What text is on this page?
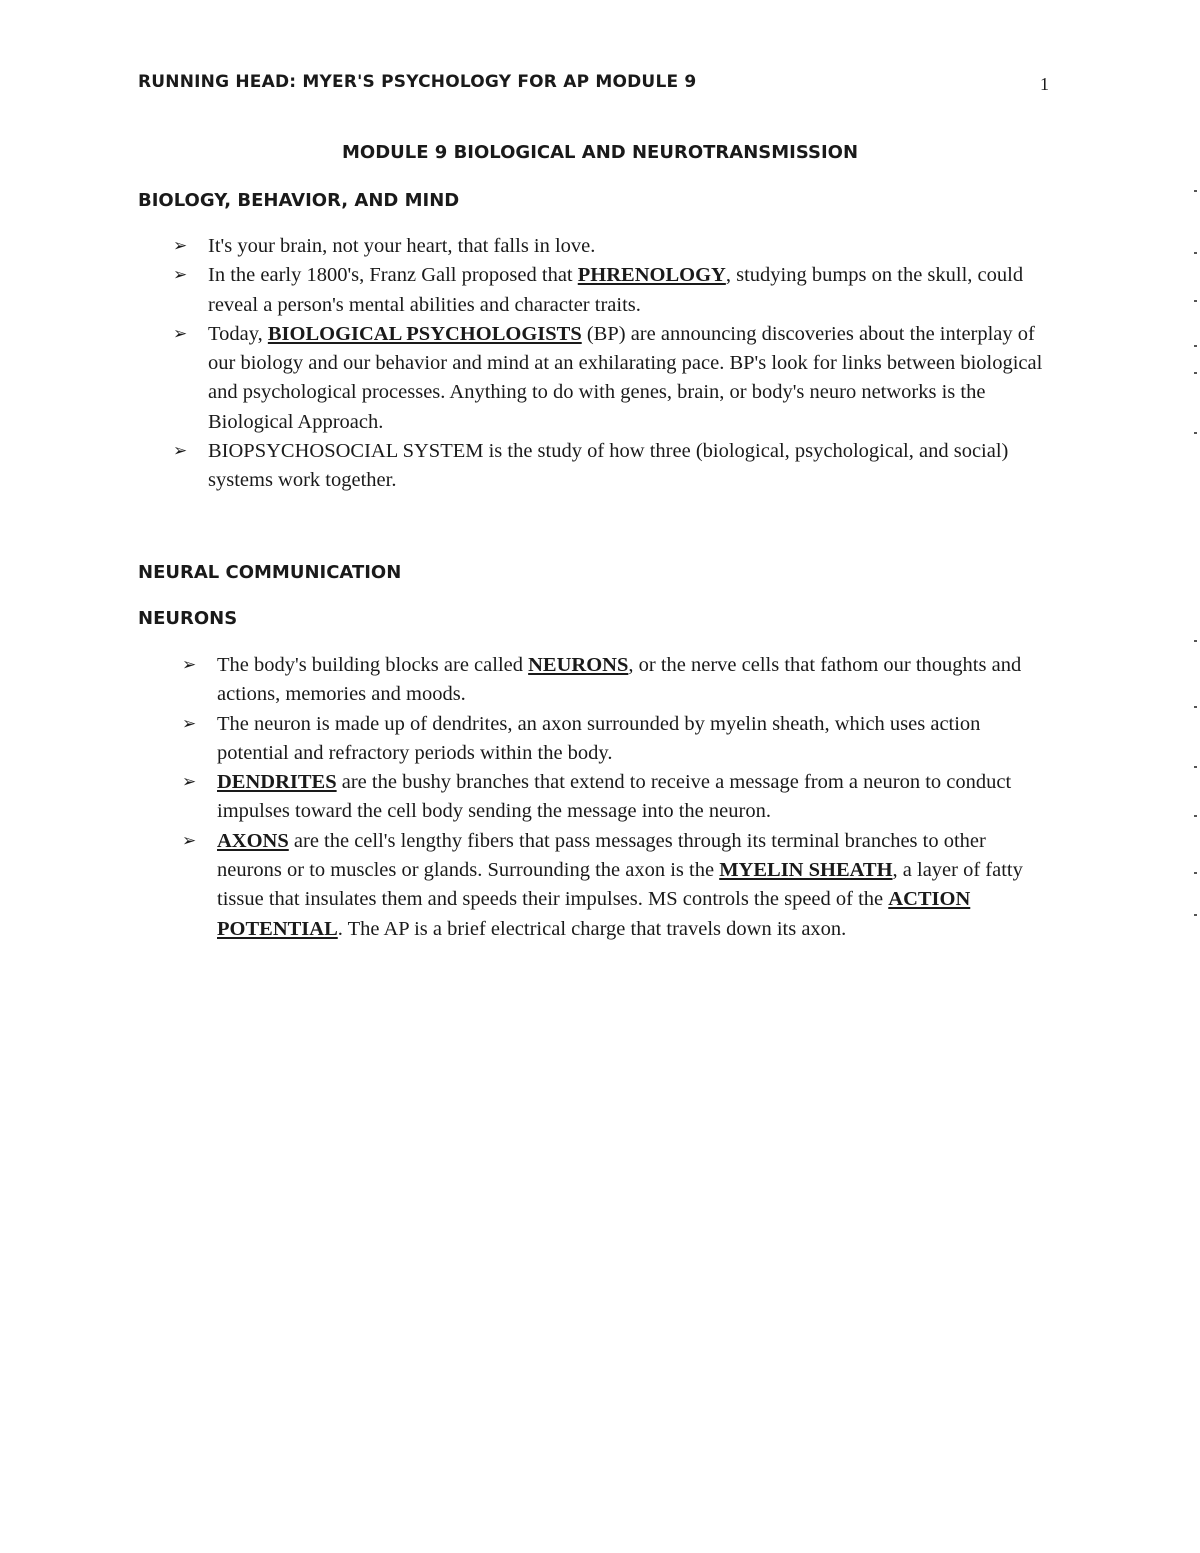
RUNNING HEAD: MYER'S PSYCHOLOGY FOR AP MODULE 9	1
MODULE 9 BIOLOGICAL AND NEUROTRANSMISSION
BIOLOGY, BEHAVIOR, AND MIND
➢ It's your brain, not your heart, that falls in love.
➢ In the early 1800's, Franz Gall proposed that PHRENOLOGY, studying bumps on the skull, could reveal a person's mental abilities and character traits.
➢ Today, BIOLOGICAL PSYCHOLOGISTS (BP) are announcing discoveries about the interplay of our biology and our behavior and mind at an exhilarating pace. BP's look for links between biological and psychological processes. Anything to do with genes, brain, or body's neuro networks is the Biological Approach.
➢ BIOPSYCHOSOCIAL SYSTEM is the study of how three (biological, psychological, and social) systems work together.
NEURAL COMMUNICATION
NEURONS
➢ The body's building blocks are called NEURONS, or the nerve cells that fathom our thoughts and actions, memories and moods.
➢ The neuron is made up of dendrites, an axon surrounded by myelin sheath, which uses action potential and refractory periods within the body.
➢ DENDRITES are the bushy branches that extend to receive a message from a neuron to conduct impulses toward the cell body sending the message into the neuron.
➢ AXONS are the cell's lengthy fibers that pass messages through its terminal branches to other neurons or to muscles or glands. Surrounding the axon is the MYELIN SHEATH, a layer of fatty tissue that insulates them and speeds their impulses. MS controls the speed of the ACTION POTENTIAL. The AP is a brief electrical charge that travels down its axon.
